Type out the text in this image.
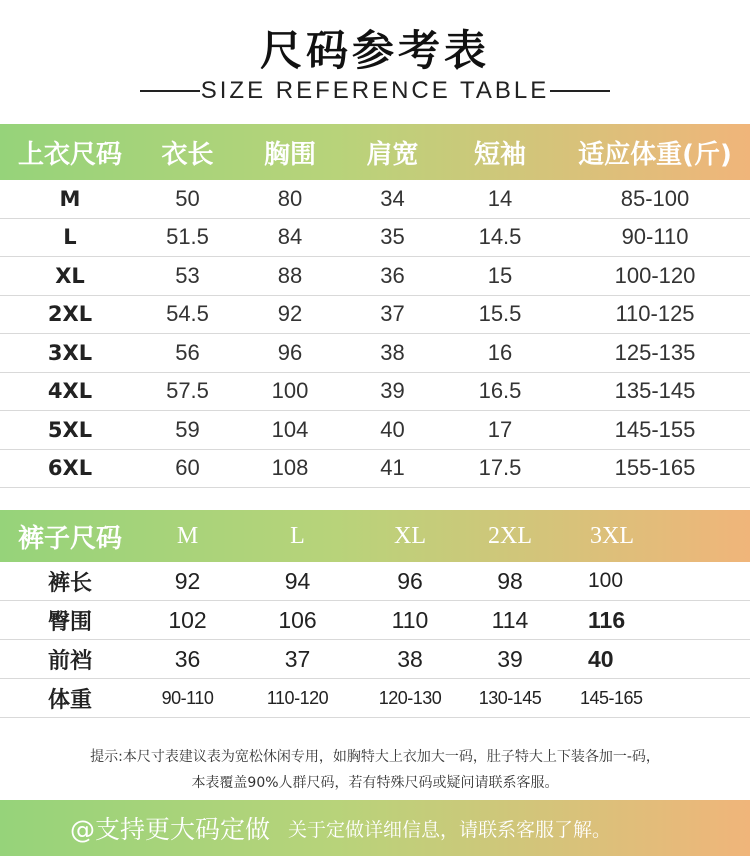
尺码参考表
SIZE REFERENCE TABLE
上衣尺码	衣长	胸围	肩宽	短袖	适应体重(斤)
M	50	80	34	14	85-100
L	51.5	84	35	14.5	90-110
XL	53	88	36	15	100-120
2XL	54.5	92	37	15.5	110-125
3XL	56	96	38	16	125-135
4XL	57.5	100	39	16.5	135-145
5XL	59	104	40	17	145-155
6XL	60	108	41	17.5	155-165
裤子尺码	M	L	XL	2XL	3XL
裤长	92	94	96	98	100
臀围	102	106	110	114	116
前裆	36	37	38	39	40
体重	90-110	110-120	120-130	130-145	145-165
提示:本尺寸表建议表为宽松休闲专用，如胸特大上衣加大一码，肚子特大上下装各加一-码，
本表覆盖90%人群尺码，若有特殊尺码或疑问请联系客服。
@支持更大码定做 关于定做详细信息，请联系客服了解。
